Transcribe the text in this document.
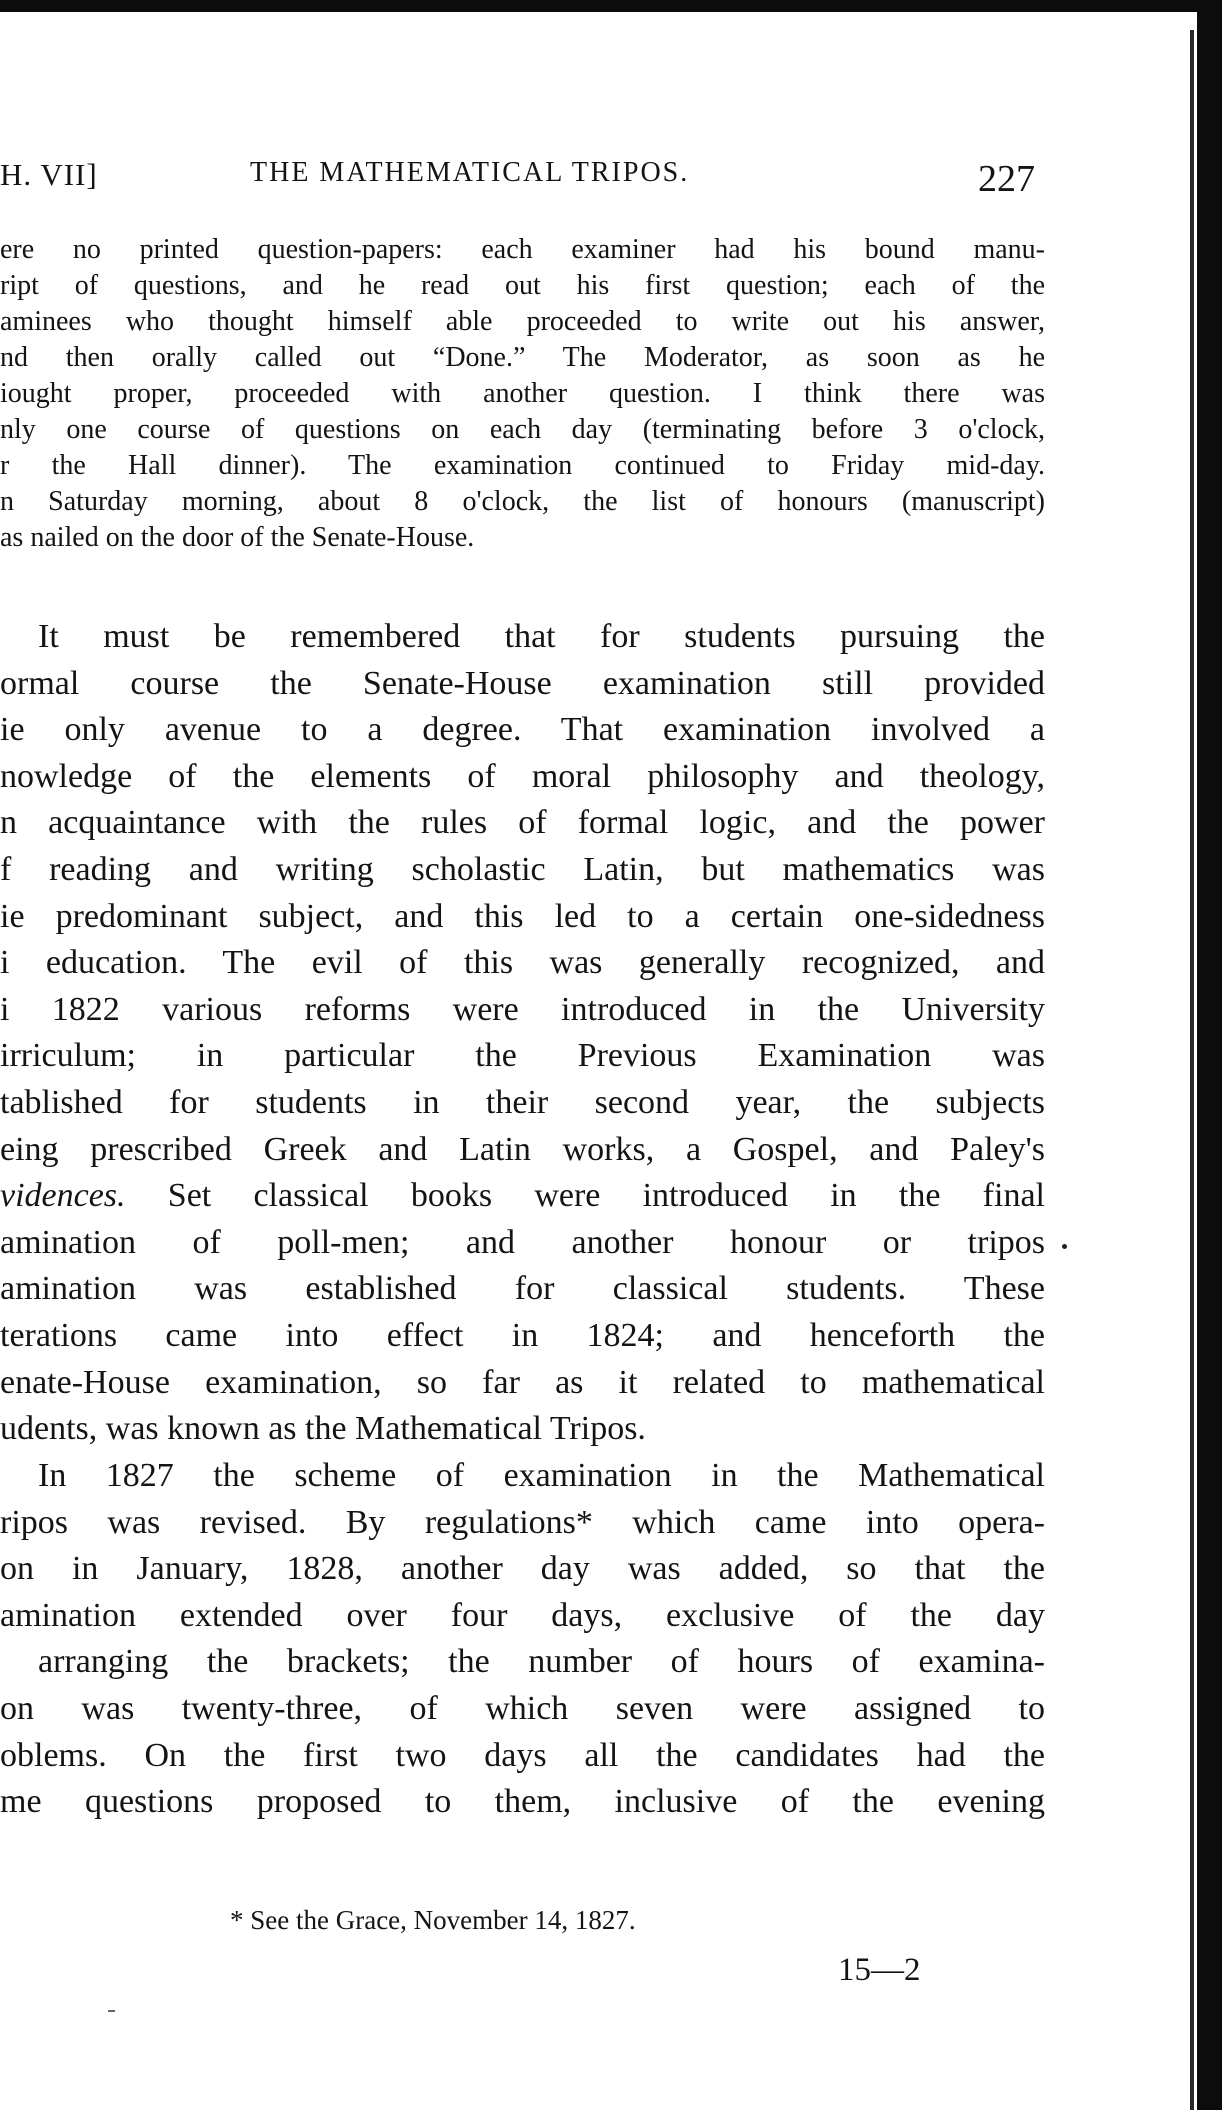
H. VII]	THE MATHEMATICAL TRIPOS.	227
ere no printed question-papers: each examiner had his bound manu-
ript of questions, and he read out his first question; each of the
aminees who thought himself able proceeded to write out his answer,
nd then orally called out “Done.” The Moderator, as soon as he
iought proper, proceeded with another question. I think there was
nly one course of questions on each day (terminating before 3 o'clock,
r the Hall dinner). The examination continued to Friday mid-day.
n Saturday morning, about 8 o'clock, the list of honours (manuscript)
as nailed on the door of the Senate-House.
It must be remembered that for students pursuing the
ormal course the Senate-House examination still provided
ie only avenue to a degree. That examination involved a
nowledge of the elements of moral philosophy and theology,
n acquaintance with the rules of formal logic, and the power
f reading and writing scholastic Latin, but mathematics was
ie predominant subject, and this led to a certain one-sidedness
i education. The evil of this was generally recognized, and
i 1822 various reforms were introduced in the University
irriculum; in particular the Previous Examination was
tablished for students in their second year, the subjects
eing prescribed Greek and Latin works, a Gospel, and Paley's
vidences. Set classical books were introduced in the final
amination of poll-men; and another honour or tripos
amination was established for classical students. These
terations came into effect in 1824; and henceforth the
enate-House examination, so far as it related to mathematical
udents, was known as the Mathematical Tripos.
In 1827 the scheme of examination in the Mathematical
ripos was revised. By regulations* which came into opera-
on in January, 1828, another day was added, so that the
amination extended over four days, exclusive of the day
arranging the brackets; the number of hours of examina-
on was twenty-three, of which seven were assigned to
oblems. On the first two days all the candidates had the
me questions proposed to them, inclusive of the evening
* See the Grace, November 14, 1827.
15—2
